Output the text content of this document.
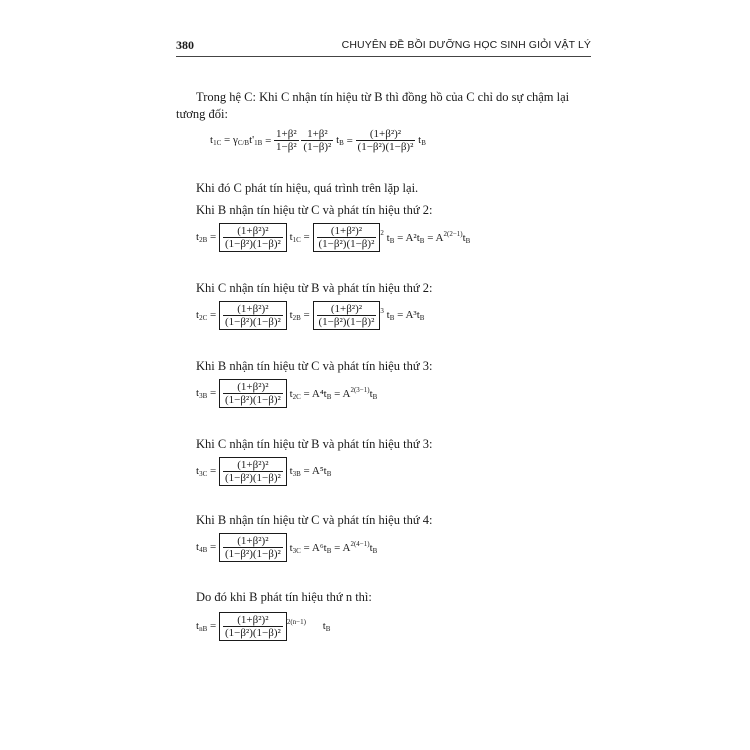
380	CHUYÊN ĐỀ BỒI DƯỠNG HỌC SINH GIỎI VẬT LÝ
Trong hệ C: Khi C nhận tín hiệu từ B thì đồng hồ của C chỉ do sự chậm lại
tương đối:
$t_{1C} = \gamma_{C/B}t'_{1B} = \frac{\text{1+β²}}{\text{1−β²}}$
$\frac{\text{1+β²}}{\text{(1−β)²}} t_B = \frac{\text{(1+β²)²}}{\text{(1−β²)(1−β)²}} t_B$
Khi đó C phát tín hiệu, quá trình trên lặp lại.
Khi B nhận tín hiệu từ C và phát tín hiệu thứ 2:
$t_{2B} = \frac{\text{(1+β²)²}}{\text{(1−β²)(1−β)²}} t_{1C} = \frac{\text{(1+β²)²}}{\text{(1−β²)(1−β)²}} ^2$ $t_B = A^2t_B = A^{2(2-1)}t_B$
Khi C nhận tín hiệu từ B và phát tín hiệu thứ 2:
$t_{2C} = \frac{\text{(1+β²)²}}{\text{(1−β²)(1−β)²}} t_{2B} = \frac{\text{(1+β²)²}}{\text{(1−β²)(1−β)²}} ^3$ $t_B = A^3t_B$
Khi B nhận tín hiệu từ C và phát tín hiệu thứ 3:
$t_{3B} = \frac{\text{(1+β²)²}}{\text{(1−β²)(1−β)²}} t_{2C} = A^4t_B = A^{2(3-1)}t_B$
Khi C nhận tín hiệu từ B và phát tín hiệu thứ 3:
$t_{3C} = \frac{\text{(1+β²)²}}{\text{(1−β²)(1−β)²}} t_{3B} = A^5t_B$
Khi B nhận tín hiệu từ C và phát tín hiệu thứ 4:
$t_{4B} = \frac{\text{(1+β²)²}}{\text{(1−β²)(1−β)²}} t_{3C} = A^6t_B = A^{2(4-1)}t_B$
Do đó khi B phát tín hiệu thứ n thì:
$t_{nB} = \frac{\text{(1+β²)²}}{\text{(1−β²)(1−β)²}} ^{2(n-1)}$ $t_B$
